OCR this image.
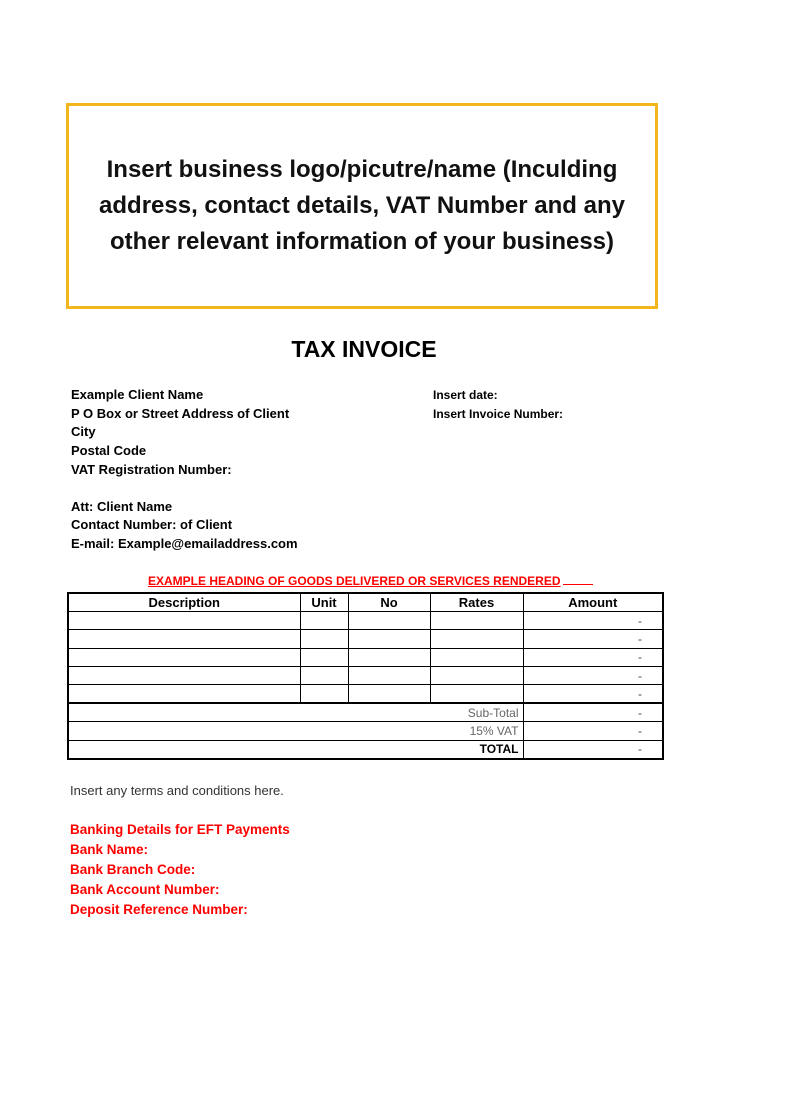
Insert business logo/picutre/name (Inculding address, contact details, VAT Number and any other relevant information of your business)
TAX INVOICE
Example Client Name
P O Box or Street Address of Client
City
Postal Code
VAT Registration Number:
Att: Client Name
Contact Number: of Client
E-mail: Example@emailaddress.com
Insert date:
Insert Invoice Number:
EXAMPLE HEADING OF GOODS DELIVERED OR SERVICES RENDERED
Description	Unit	No	Rates	Amount
				-
				-
				-
				-
				-
Sub-Total				-
15% VAT				-
TOTAL				-
Insert any terms and conditions here.
Banking Details for EFT Payments
Bank Name:
Bank Branch Code:
Bank Account Number:
Deposit Reference Number:
